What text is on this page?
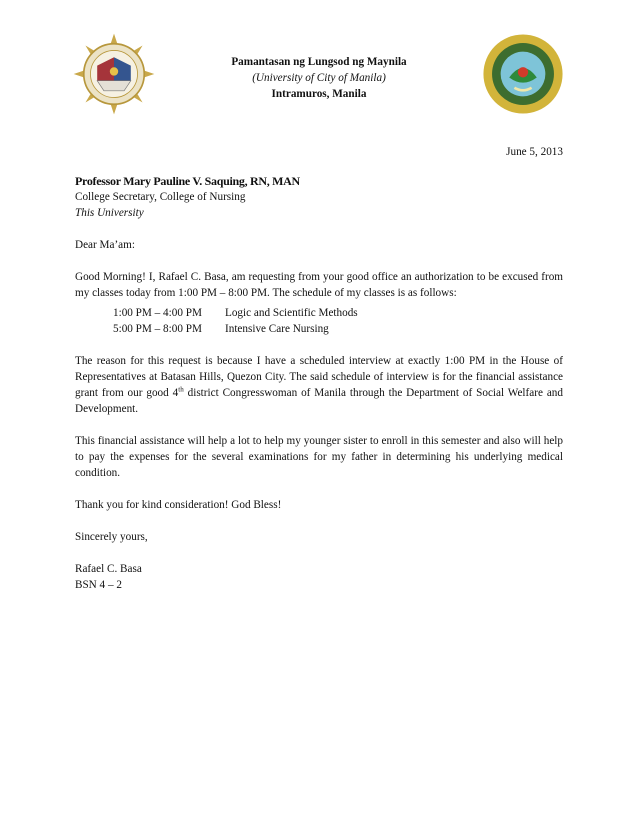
Pamantasan ng Lungsod ng Maynila
(University of City of Manila)
Intramuros, Manila
June 5, 2013
Professor Mary Pauline V. Saquing, RN, MAN
College Secretary, College of Nursing
This University
Dear Ma’am:

Good Morning! I, Rafael C. Basa, am requesting from your good office an authorization to be excused from my classes today from 1:00 PM – 8:00 PM. The schedule of my classes is as follows:

1:00 PM – 4:00 PM	Logic and Scientific Methods
5:00 PM – 8:00 PM	Intensive Care Nursing

The reason for this request is because I have a scheduled interview at exactly 1:00 PM in the House of Representatives at Batasan Hills, Quezon City. The said schedule of interview is for the financial assistance grant from our good 4th district Congresswoman of Manila through the Department of Social Welfare and Development.

This financial assistance will help a lot to help my younger sister to enroll in this semester and also will help to pay the expenses for the several examinations for my father in determining his underlying medical condition.

Thank you for kind consideration! God Bless!

Sincerely yours,
Rafael C. Basa
BSN 4 – 2
